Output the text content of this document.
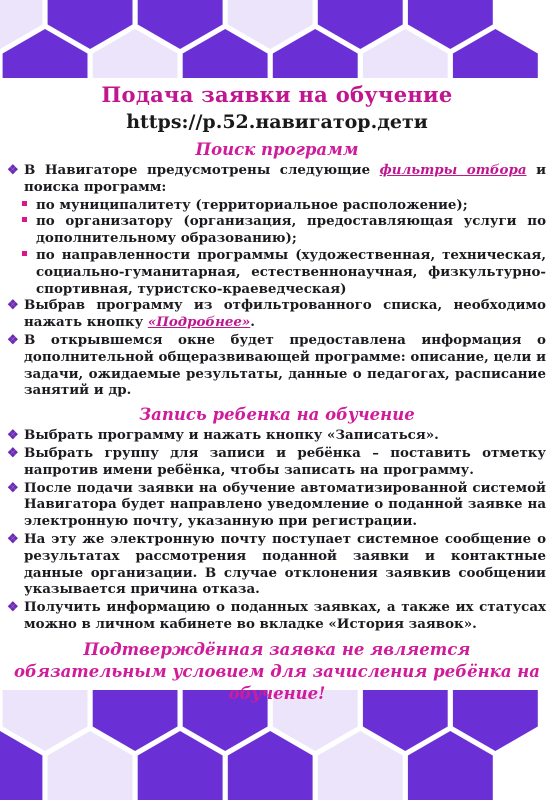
Подача заявки на обучение
https://р.52.навигатор.дети
Поиск программ
❖ В Навигаторе предусмотрены следующие фильтры отбора и поиска программ:
по муниципалитету (территориальное расположение);
по организатору (организация, предоставляющая услуги по дополнительному образованию);
по направленности программы (художественная, техническая, социально-гуманитарная, естественнонаучная, физкультурно-спортивная, туристско-краеведческая)
❖ Выбрав программу из отфильтрованного списка, необходимо нажать кнопку «Подробнее».
❖ В открывшемся окне будет предоставлена информация о дополнительной общеразвивающей программе: описание, цели и задачи, ожидаемые результаты, данные о педагогах, расписание занятий и др.
Запись ребенка на обучение
❖ Выбрать программу и нажать кнопку «Записаться».
❖ Выбрать группу для записи и ребёнка – поставить отметку напротив имени ребёнка, чтобы записать на программу.
❖ После подачи заявки на обучение автоматизированной системой Навигатора будет направлено уведомление о поданной заявке на электронную почту, указанную при регистрации.
❖ На эту же электронную почту поступает системное сообщение о результатах рассмотрения поданной заявки и контактные данные организации. В случае отклонения заявкив сообщении указывается причина отказа.
❖ Получить информацию о поданных заявках, а также их статусах можно в личном кабинете во вкладке «История заявок».
Подтверждённая заявка не является обязательным условием для зачисления ребёнка на обучение!
